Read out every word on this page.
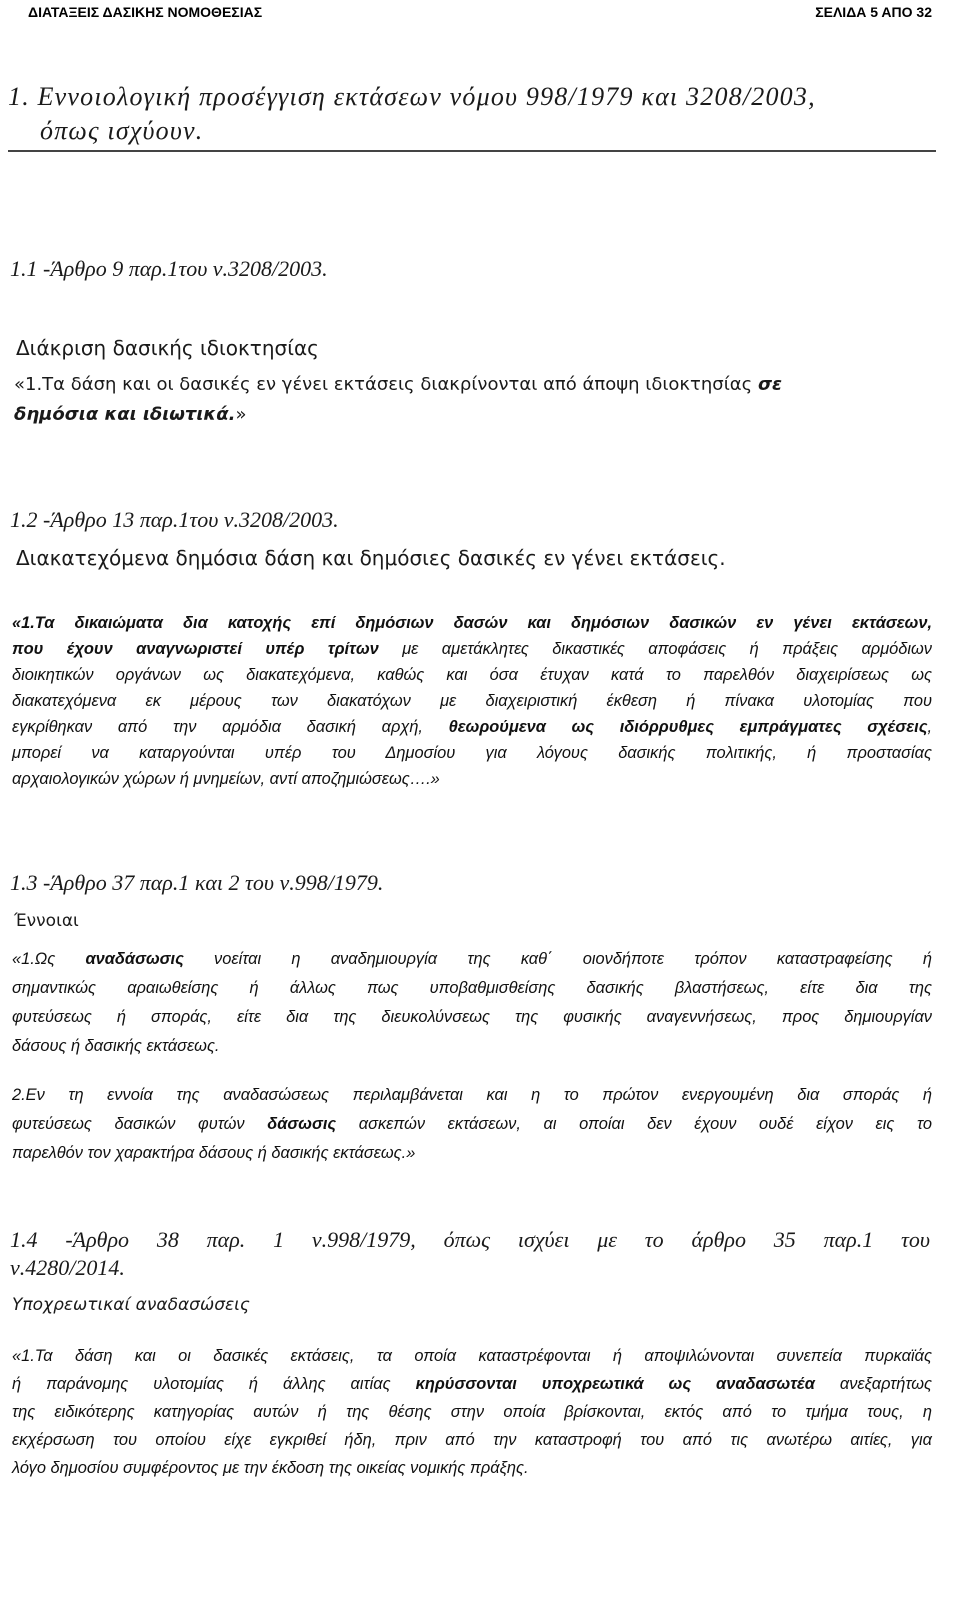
ΔΙΑΤΑΞΕΙΣ ΔΑΣΙΚΗΣ ΝΟΜΟΘΕΣΙΑΣ	ΣΕΛΙΔΑ 5 ΑΠΟ 32
1. Εννοιολογική προσέγγιση εκτάσεων νόμου 998/1979 και 3208/2003,
όπως ισχύουν.
1.1 -Άρθρο 9 παρ.1του ν.3208/2003.
Διάκριση δασικής ιδιοκτησίας
«1.Τα δάση και οι δασικές εν γένει εκτάσεις διακρίνονται από άποψη ιδιοκτησίας σε
δημόσια και ιδιωτικά.»
1.2 -Άρθρο 13 παρ.1του ν.3208/2003.
Διακατεχόμενα δημόσια δάση και δημόσιες δασικές εν γένει εκτάσεις.
«1.Τα δικαιώματα δια κατοχής επί δημόσιων δασών και δημόσιων δασικών εν γένει εκτάσεων,
που έχουν αναγνωριστεί υπέρ τρίτων με αμετάκλητες δικαστικές αποφάσεις ή πράξεις αρμόδιων
διοικητικών οργάνων ως διακατεχόμενα, καθώς και όσα έτυχαν κατά το παρελθόν διαχειρίσεως ως
διακατεχόμενα εκ μέρους των διακατόχων με διαχειριστική έκθεση ή πίνακα υλοτομίας που
εγκρίθηκαν από την αρμόδια δασική αρχή, θεωρούμενα ως ιδιόρρυθμες εμπράγματες σχέσεις,
μπορεί να καταργούνται υπέρ του Δημοσίου για λόγους δασικής πολιτικής, ή προστασίας
αρχαιολογικών χώρων ή μνημείων, αντί αποζημιώσεως….»
1.3 -Άρθρο 37 παρ.1 και 2 του ν.998/1979.
Έννοιαι
«1.Ως αναδάσωσις νοείται η αναδημιουργία της καθ΄ οιονδήποτε τρόπον καταστραφείσης ή
σημαντικώς αραιωθείσης ή άλλως πως υποβαθμισθείσης δασικής βλαστήσεως, είτε δια της
φυτεύσεως ή σποράς, είτε δια της διευκολύνσεως της φυσικής αναγεννήσεως, προς δημιουργίαν
δάσους ή δασικής εκτάσεως.
2.Εν τη εννοία της αναδασώσεως περιλαμβάνεται και η το πρώτον ενεργουμένη δια σποράς ή
φυτεύσεως δασικών φυτών δάσωσις ασκεπών εκτάσεων, αι οποίαι δεν έχουν ουδέ είχον εις το
παρελθόν τον χαρακτήρα δάσους ή δασικής εκτάσεως.»
1.4 -Άρθρο 38 παρ. 1 ν.998/1979, όπως ισχύει με το άρθρο 35 παρ.1 του
ν.4280/2014.
Υποχρεωτικαί αναδασώσεις
«1.Τα δάση και οι δασικές εκτάσεις, τα οποία καταστρέφονται ή αποψιλώνονται συνεπεία πυρκαϊάς
ή παράνομης υλοτομίας ή άλλης αιτίας κηρύσσονται υποχρεωτικά ως αναδασωτέα ανεξαρτήτως
της ειδικότερης κατηγορίας αυτών ή της θέσης στην οποία βρίσκονται, εκτός από το τμήμα τους, η
εκχέρσωση του οποίου είχε εγκριθεί ήδη, πριν από την καταστροφή του από τις ανωτέρω αιτίες, για
λόγο δημοσίου συμφέροντος με την έκδοση της οικείας νομικής πράξης.
